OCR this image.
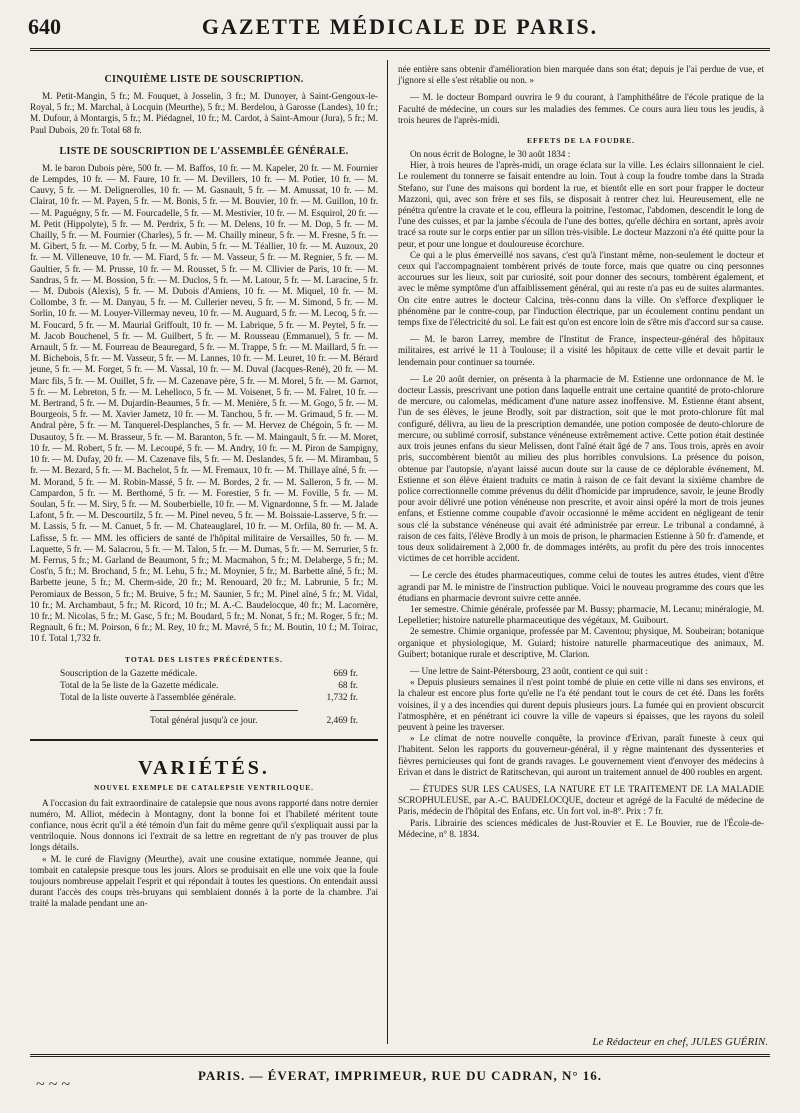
GAZETTE MÉDICALE DE PARIS.
640
CINQUIÈME LISTE DE SOUSCRIPTION.

M. Petit-Mangin, 5 fr.; M. Fouquet, à Josselin, 3 fr.; M. Dunoyer, à Saint-Gengoux-le-Royal, 5 fr.; M. Marchal, à Locquin (Meurthe), 5 fr.; M. Berdelou, à Garosse (Landes), 10 fr.; M. Dufour, à Montargis, 5 fr.; M. Piédagnel, 10 fr.; M. Cardot, à Saint-Amour (Jura), 5 fr.; M. Paul Dubois, 20 fr. Total 68 fr.

LISTE DE SOUSCRIPTION DE L'ASSEMBLÉE GÉNÉRALE.

M. le baron Dubois père, 500 fr. — M. Baffos, 10 fr. — M. Kapeler, 20 fr. — M. Fournier de Lempdes, 10 fr. — M. Faure, 10 fr. — M. Devillers, 10 fr. — M. Potier, 10 fr. — M. Cauvy, 5 fr. — M. Delignerolles, 10 fr. — M. Gasnault, 5 fr. — M. Amussat, 10 fr. — M. Clairat, 10 fr. — M. Payen, 5 fr. — M. Bonis, 5 fr. — M. Bouvier, 10 fr. — M. Guillon, 10 fr. — M. Paguégny, 5 fr. — M. Fourcadelle, 5 fr. — M. Mestivier, 10 fr. — M. Esquirol, 20 fr. — M. Petit (Hippolyte), 5 fr. — M. Perdrix, 5 fr. — M. Delens, 10 fr. — M. Dop, 5 fr. — M. Chailly, 5 fr. — M. Fournier (Charles), 5 fr. — M. Chailly mineur, 5 fr. — M. Fresne, 5 fr. — M. Gibert, 5 fr. — M. Corby, 5 fr. — M. Aubin, 5 fr. — M. Téallier, 10 fr. — M. Auzoux, 20 fr. — M. Villeneuve, 10 fr. — M. Fiard, 5 fr. — M. Vasseur, 5 fr. — M. Regnier, 5 fr. — M. Gaultier, 5 fr. — M. Prusse, 10 fr. — M. Rousset, 5 fr. — M. Cllivier de Paris, 10 fr. — M. Sandras, 5 fr. — M. Bossion, 5 fr. — M. Duclos, 5 fr. — M. Latour, 5 fr. — M. Laracine, 5 fr. — M. Dubois (Alexis), 5 fr. — M. Dubois d'Amiens, 10 fr. — M. Miquel, 10 fr. — M. Collombe, 3 fr. — M. Danyau, 5 fr. — M. Cullerier neveu, 5 fr. — M. Simond, 5 fr. — M. Sorlin, 10 fr. — M. Louyer-Villermay neveu, 10 fr. — M. Auguard, 5 fr. — M. Lecoq, 5 fr. — M. Foucard, 5 fr. — M. Maurial Griffoult, 10 fr. — M. Labrique, 5 fr. — M. Peytel, 5 fr. — M. Jacob Bouchenel, 5 fr. — M. Guilbert, 5 fr. — M. Rousseau (Emmanuel), 5 fr. — M. Arnault, 5 fr. — M. Fourreau de Beauregard, 5 fr. — M. Trappe, 5 fr. — M. Maillard, 5 fr. — M. Bichebois, 5 fr. — M. Vasseur, 5 fr. — M. Lannes, 10 fr. — M. Leuret, 10 fr. — M. Bérard jeune, 5 fr. — M. Forget, 5 fr. — M. Vassal, 10 fr. — M. Duval (Jacques-René), 20 fr. — M. Marc fils, 5 fr. — M. Ouillet, 5 fr. — M. Cazenave père, 5 fr. — M. Morel, 5 fr. — M. Garnot, 5 fr. — M. Lebreton, 5 fr. — M. Lehelloco, 5 fr. — M. Voisenet, 5 fr. — M. Falret, 10 fr. — M. Bertrand, 5 fr. — M. Dujardin-Beaumes, 5 fr. — M. Menière, 5 fr. — M. Gogo, 5 fr. — M. Bourgeois, 5 fr. — M. Xavier Jametz, 10 fr. — M. Tanchou, 5 fr. — M. Grimaud, 5 fr. — M. Andral père, 5 fr. — M. Tanquerel-Desplanches, 5 fr. — M. Hervez de Chégoin, 5 fr. — M. Dusautoy, 5 fr. — M. Brasseur, 5 fr. — M. Baranton, 5 fr. — M. Maingault, 5 fr. — M. Moret, 10 fr. — M. Robert, 5 fr. — M. Lecoupé, 5 fr. — M. Andry, 10 fr. — M. Piron de Sampigny, 10 fr. — M. Dufay, 20 fr. — M. Cazenave fils, 5 fr. — M. Deslandes, 5 fr. — M. Mirambau, 5 fr. — M. Bezard, 5 fr. — M. Bachelot, 5 fr. — M. Fremaux, 10 fr. — M. Thillaye aîné, 5 fr. — M. Morand, 5 fr. — M. Robin-Massé, 5 fr. — M. Bordes, 2 fr. — M. Salleron, 5 fr. — M. Campardon, 5 fr. — M. Berthomé, 5 fr. — M. Forestier, 5 fr. — M. Foville, 5 fr. — M. Soulan, 5 fr. — M. Siry, 5 fr. — M. Souberbielle, 10 fr. — M. Vignardonne, 5 fr. — M. Jalade Lafont, 5 fr. — M. Descourtilz, 5 fr. — M. Pinel neveu, 5 fr. — M. Boissaie-Lasserve, 5 fr. — M. Lassis, 5 fr. — M. Canuet, 5 fr. — M. Chateauglarel, 10 fr. — M. Orfila, 80 fr. — M. A. Lafisse, 5 fr. — MM. les officiers de santé de l'hôpital militaire de Versailles, 50 fr. — M. Laquette, 5 fr. — M. Salacrou, 5 fr. — M. Talon, 5 fr. — M. Dumas, 5 fr. — M. Serrurier, 5 fr. M. Ferrus, 5 fr.; M. Garland de Beaumont, 5 fr.; M. Macmahon, 5 fr.; M. Delaberge, 5 fr.; M. Cost'n, 5 fr.; M. Brochand, 5 fr.; M. Lehu, 5 fr.; M. Moynier, 5 fr.; M. Barbette aîné, 5 fr.; M. Barbette jeune, 5 fr.; M. Cherm-side, 20 fr.; M. Renouard, 20 fr.; M. Labrunie, 5 fr.; M. Peromiaux de Besson, 5 fr.; M. Bruive, 5 fr.; M. Saunier, 5 fr.; M. Pinel aîné, 5 fr.; M. Vidal, 10 fr.; M. Archambaut, 5 fr.; M. Ricord, 10 fr.; M. A.-C. Baudelocque, 40 fr.; M. Lacornère, 10 fr.; M. Nicolas, 5 fr.; M. Gasc, 5 fr.; M. Boudard, 5 fr.; M. Nonat, 5 fr.; M. Roger, 5 fr.; M. Regnault, 6 fr.; M. Poirson, 6 fr.; M. Rey, 10 fr.; M. Mavré, 5 fr.; M. Boutin, 10 f.; M. Toirac, 10 f. Total 1,732 fr.

TOTAL DES LISTES PRÉCÉDENTES.
Souscription de la Gazette médicale.	669 fr.
Total de la 5e liste de la Gazette médicale.	68 fr.
Total de la liste ouverte à l'assemblée générale.	1,732 fr.
Total général jusqu'à ce jour.	2,469 fr.
VARIÉTÉS.
NOUVEL EXEMPLE DE CATALEPSIE VENTRILOQUE.

A l'occasion du fait extraordinaire de catalepsie que nous avons rapporté dans notre dernier numéro, M. Alliot, médecin à Montagny, dont la bonne foi et l'habileté méritent toute confiance, nous écrit qu'il a été témoin d'un fait du même genre qu'il s'expliquait aussi par la ventriloquie. Nous donnons ici l'extrait de sa lettre en regrettant de n'y pas trouver de plus longs détails.

« M. le curé de Flavigny (Meurthe), avait une cousine extatique, nommée Jeanne, qui tombait en catalepsie presque tous les jours. Alors se produisait en elle une voix que la foule toujours nombreuse appelait l'esprit et qui répondait à toutes les questions. On entendait aussi durant l'accès des coups très-bruyans qui semblaient donnés à la porte de la chambre. J'ai traité la malade pendant une an-

née entière sans obtenir d'amélioration bien marquée dans son état; depuis je l'ai perdue de vue, et j'ignore si elle s'est rétablie ou non. »

— M. le docteur Bompard ouvrira le 9 du courant, à l'amphithéâtre de l'école pratique de la Faculté de médecine, un cours sur les maladies des femmes. Ce cours aura lieu tous les jeudis, à trois heures de l'après-midi.

EFFETS DE LA FOUDRE.

On nous écrit de Bologne, le 30 août 1834 :

Hier, à trois heures de l'après-midi, un orage éclata sur la ville. Les éclairs sillonnaient le ciel. Le roulement du tonnerre se faisait entendre au loin. Tout à coup la foudre tombe dans la Strada Stefano, sur l'une des maisons qui bordent la rue, et bientôt elle en sort pour frapper le docteur Mazzoni, qui, avec son frère et ses fils, se disposait à rentrer chez lui. Heureusement, elle ne pénétra qu'entre la cravate et le cou, effleura la poitrine, l'estomac, l'abdomen, descendit le long de l'une des cuisses, et par la jambe s'écoula de l'une des bottes, qu'elle déchira en sortant, après avoir tracé sa route sur le corps entier par un sillon très-visible. Le docteur Mazzoni n'a été quitte pour la peur, et pour une longue et douloureuse écorchure.

Ce qui a le plus émerveillé nos savans, c'est qu'à l'instant même, non-seulement le docteur et ceux qui l'accompagnaient tombèrent privés de toute force, mais que quatre ou cinq personnes accourues sur les lieux, soit par curiosité, soit pour donner des secours, tombèrent également, et avec le même symptôme d'un affaiblissement général, qui au reste n'a pas eu de suites alarmantes. On cite entre autres le docteur Calcina, très-connu dans la ville. On s'efforce d'expliquer le phénomène par le contre-coup, par l'induction électrique, par un écoulement continu pendant un temps fixe de l'électricité du sol. Le fait est qu'on est encore loin de s'être mis d'accord sur sa cause.

— M. le baron Larrey, membre de l'Institut de France, inspecteur-général des hôpitaux militaires, est arrivé le 11 à Toulouse; il a visité les hôpitaux de cette ville et devait partir le lendemain pour continuer sa tournée.

— Le 20 août dernier, on présenta à la pharmacie de M. Estienne une ordonnance de M. le docteur Lassis, prescrivant une potion dans laquelle entrait une certaine quantité de proto-chlorure de mercure, ou calomelas, médicament d'une nature assez inoffensive. M. Estienne étant absent, l'un de ses élèves, le jeune Brodly, soit par distraction, soit que le mot proto-chlorure fût mal configuré, délivra, au lieu de la prescription demandée, une potion composée de deuto-chlorure de mercure, ou sublimé corrosif, substance vénéneuse extrêmement active. Cette potion était destinée aux trois jeunes enfans du sieur Melissen, dont l'aîné était âgé de 7 ans. Tous trois, après en avoir pris, succombèrent bientôt au milieu des plus horribles convulsions. La présence du poison, obtenue par l'autopsie, n'ayant laissé aucun doute sur la cause de ce déplorable événement, M. Estienne et son élève étaient traduits ce matin à raison de ce fait devant la sixième chambre de police correctionnelle comme prévenus du délit d'homicide par imprudence, savoir, le jeune Brodly pour avoir délivré une potion vénéneuse non prescrite, et avoir ainsi opéré la mort de trois jeunes enfans, et Estienne comme coupable d'avoir occasionné le même accident en négligeant de tenir sous clé la substance vénéneuse qui avait été administrée par erreur. Le tribunal a condamné, à raison de ces faits, l'élève Brodly à un mois de prison, le pharmacien Estienne à 50 fr. d'amende, et tous deux solidairement à 2,000 fr. de dommages intérêts, au profit du père des trois innocentes victimes de cet horrible accident.

— Le cercle des études pharmaceutiques, comme celui de toutes les autres études, vient d'être agrandi par M. le ministre de l'instruction publique. Voici le nouveau programme des cours que les étudians en pharmacie devront suivre cette année.

1er semestre. Chimie générale, professée par M. Bussy; pharmacie, M. Lecanu; minéralogie, M. Lepelletier; histoire naturelle pharmaceutique des végétaux, M. Guibourt.

2e semestre. Chimie organique, professée par M. Caventou; physique, M. Soubeiran; botanique organique et physiologique, M. Guiard; histoire naturelle pharmaceutique des animaux, M. Guibert; botanique rurale et descriptive, M. Clarion.

— Une lettre de Saint-Pétersbourg, 23 août, contient ce qui suit :

« Depuis plusieurs semaines il n'est point tombé de pluie en cette ville ni dans ses environs, et la chaleur est encore plus forte qu'elle ne l'a été pendant tout le cours de cet été. Dans les forêts voisines, il y a des incendies qui durent depuis plusieurs jours. La fumée qui en provient obscurcit l'atmosphère, et en pénétrant ici couvre la ville de vapeurs si épaisses, que les rayons du soleil peuvent à peine les traverser.

» Le climat de notre nouvelle conquête, la province d'Erivan, paraît funeste à ceux qui l'habitent. Selon les rapports du gouverneur-général, il y règne maintenant des dyssenteries et fièvres pernicieuses qui font de grands ravages. Le gouvernement vient d'envoyer des médecins à Erivan et dans le district de Ratitschevan, qui auront un traitement annuel de 400 roubles en argent.

— ÉTUDES SUR LES CAUSES, LA NATURE ET LE TRAITEMENT DE LA MALADIE SCROPHULEUSE, par A.-C. BAUDELOCQUE, docteur et agrégé de la Faculté de médecine de Paris, médecin de l'hôpital des Enfans, etc. Un fort vol. in-8°. Prix : 7 fr.

Paris. Librairie des sciences médicales de Just-Rouvier et E. Le Bouvier, rue de l'École-de-Médecine, n° 8. 1834.

Le Rédacteur en chef, JULES GUÉRIN.
PARIS. — ÉVERAT, IMPRIMEUR, RUE DU CADRAN, N° 16.
~ ~ ~
